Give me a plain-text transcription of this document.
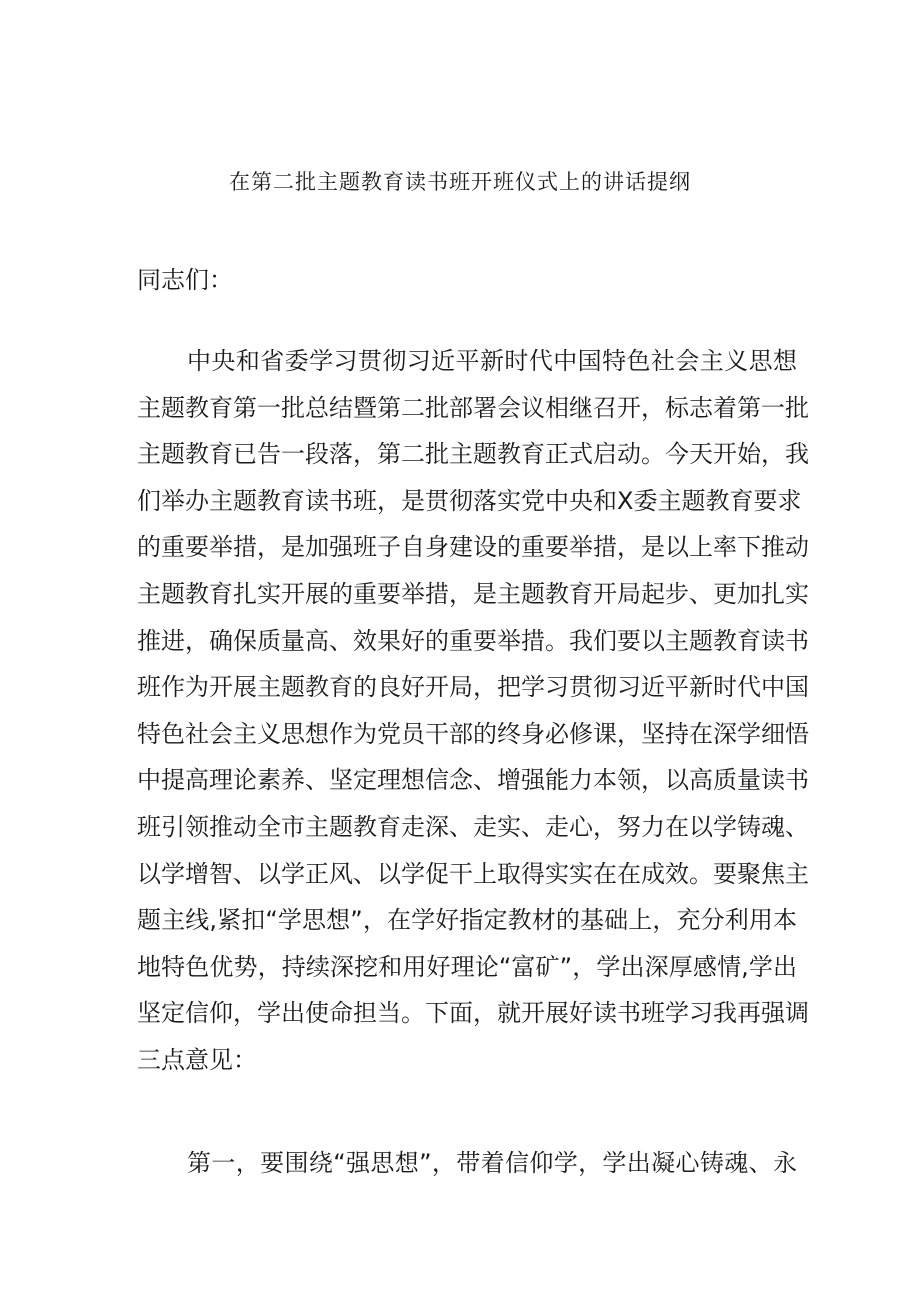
在第二批主题教育读书班开班仪式上的讲话提纲
同志们：
中央和省委学习贯彻习近平新时代中国特色社会主义思想
主题教育第一批总结暨第二批部署会议相继召开，标志着第一批
主题教育已告一段落，第二批主题教育正式启动。今天开始，我
们举办主题教育读书班，是贯彻落实党中央和X委主题教育要求
的重要举措，是加强班子自身建设的重要举措，是以上率下推动
主题教育扎实开展的重要举措，是主题教育开局起步、更加扎实
推进，确保质量高、效果好的重要举措。我们要以主题教育读书
班作为开展主题教育的良好开局，把学习贯彻习近平新时代中国
特色社会主义思想作为党员干部的终身必修课，坚持在深学细悟
中提高理论素养、坚定理想信念、增强能力本领，以高质量读书
班引领推动全市主题教育走深、走实、走心，努力在以学铸魂、
以学增智、以学正风、以学促干上取得实实在在成效。要聚焦主
题主线,紧扣“学思想”，在学好指定教材的基础上，充分利用本
地特色优势，持续深挖和用好理论“富矿”，学出深厚感情,学出
坚定信仰，学出使命担当。下面，就开展好读书班学习我再强调
三点意见：
第一，要围绕“强思想”，带着信仰学，学出凝心铸魂、永
